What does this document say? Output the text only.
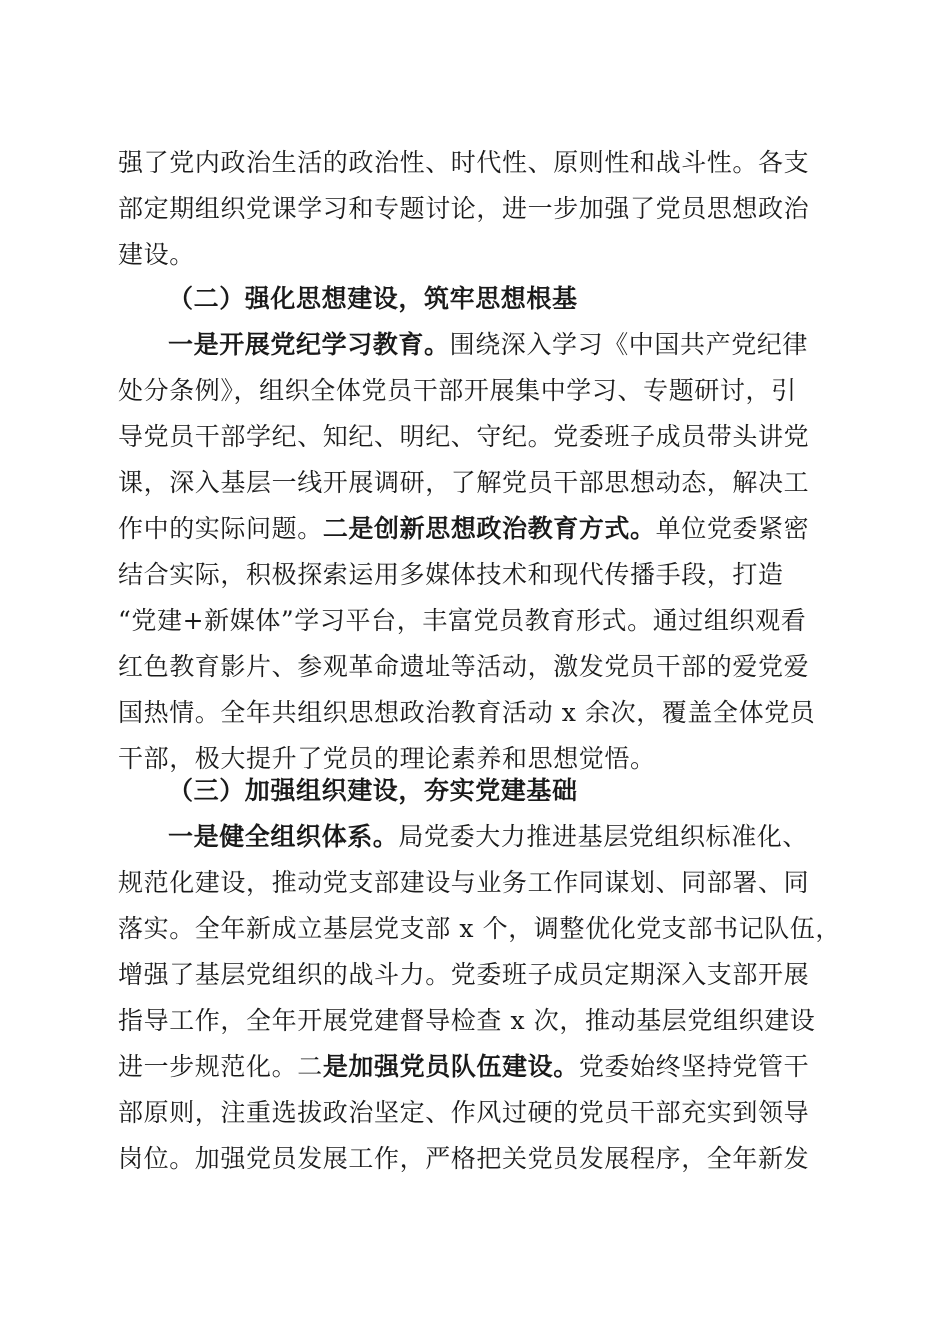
强了党内政治生活的政治性、时代性、原则性和战斗性。各支
部定期组织党课学习和专题讨论，进一步加强了党员思想政治
建设。
（二）强化思想建设，筑牢思想根基
一是开展党纪学习教育。围绕深入学习《中国共产党纪律
处分条例》，组织全体党员干部开展集中学习、专题研讨，引
导党员干部学纪、知纪、明纪、守纪。党委班子成员带头讲党
课，深入基层一线开展调研，了解党员干部思想动态，解决工
作中的实际问题。二是创新思想政治教育方式。单位党委紧密
结合实际，积极探索运用多媒体技术和现代传播手段，打造
“党建+新媒体”学习平台，丰富党员教育形式。通过组织观看
红色教育影片、参观革命遗址等活动，激发党员干部的爱党爱
国热情。全年共组织思想政治教育活动 x 余次，覆盖全体党员
干部，极大提升了党员的理论素养和思想觉悟。
（三）加强组织建设，夯实党建基础
一是健全组织体系。局党委大力推进基层党组织标准化、
规范化建设，推动党支部建设与业务工作同谋划、同部署、同
落实。全年新成立基层党支部 x 个，调整优化党支部书记队伍，
增强了基层党组织的战斗力。党委班子成员定期深入支部开展
指导工作，全年开展党建督导检查 x 次，推动基层党组织建设
进一步规范化。二是加强党员队伍建设。党委始终坚持党管干
部原则，注重选拔政治坚定、作风过硬的党员干部充实到领导
岗位。加强党员发展工作，严格把关党员发展程序，全年新发
